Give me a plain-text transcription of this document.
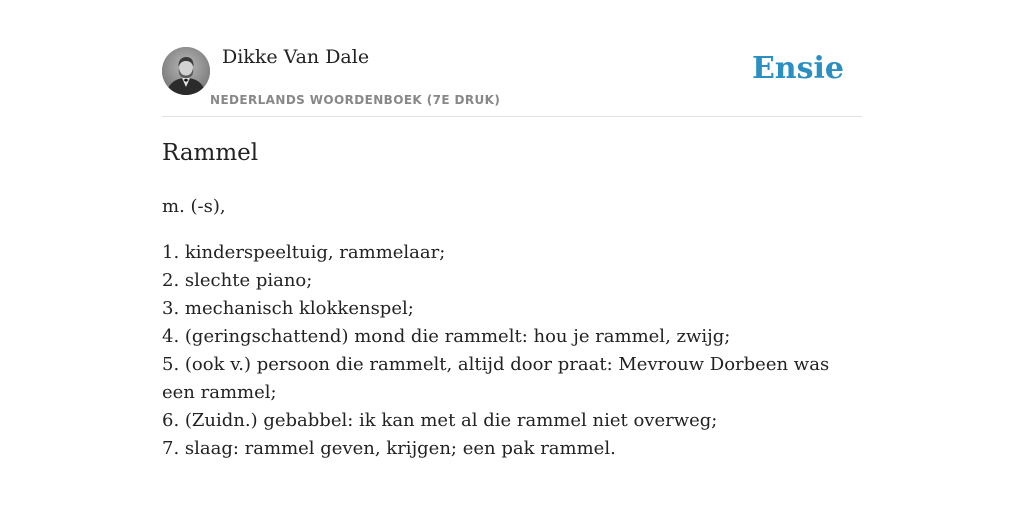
Dikke Van Dale
NEDERLANDS WOORDENBOEK (7E DRUK)
Ensie
Rammel

m. (-s),

1. kinderspeeltuig, rammelaar;
2. slechte piano;
3. mechanisch klokkenspel;
4. (geringschattend) mond die rammelt: hou je rammel, zwijg;
5. (ook v.) persoon die rammelt, altijd door praat: Mevrouw Dorbeen was een rammel;
6. (Zuidn.) gebabbel: ik kan met al die rammel niet overweg;
7. slaag: rammel geven, krijgen; een pak rammel.
